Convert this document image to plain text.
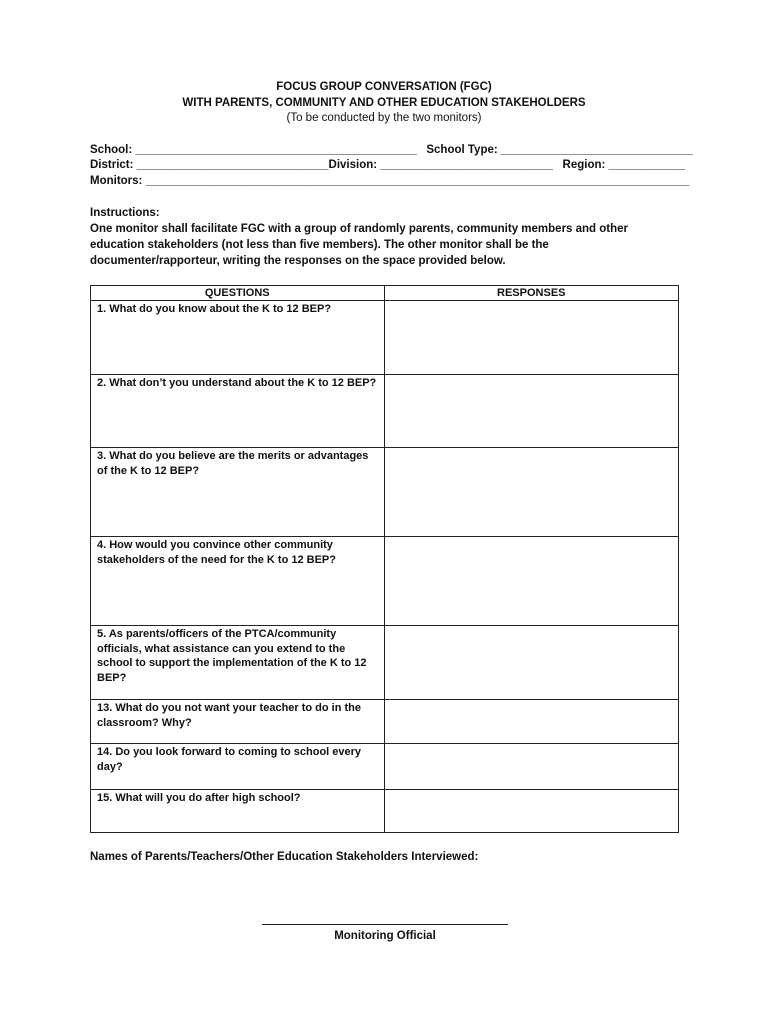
FOCUS GROUP CONVERSATION (FGC)
WITH PARENTS, COMMUNITY AND OTHER EDUCATION STAKEHOLDERS
(To be conducted by the two monitors)
School: ____________________________________________   School Type: ______________________________
District: ______________________________Division: ___________________________   Region: ____________
Monitors: _____________________________________________________________________________________
Instructions:
One monitor shall facilitate FGC with a group of randomly parents, community members and other education stakeholders (not less than five members). The other monitor shall be the documenter/rapporteur, writing the responses on the space provided below.
QUESTIONS	RESPONSES

1. What do you know about the K to 12 BEP?	

2. What don’t you understand about the K to 12 BEP?	

3. What do you believe are the merits or advantages of the K to 12 BEP?	

4. How would you convince other community stakeholders of the need for the K to 12 BEP?	

5. As parents/officers of the PTCA/community officials, what assistance can you extend to the school to support the implementation of the K to 12 BEP?	

13. What do you not want your teacher to do in the classroom? Why?	

14. Do you look forward to coming to school every day?	

15. What will you do after high school?	

Names of Parents/Teachers/Other Education Stakeholders Interviewed:
Monitoring Official
